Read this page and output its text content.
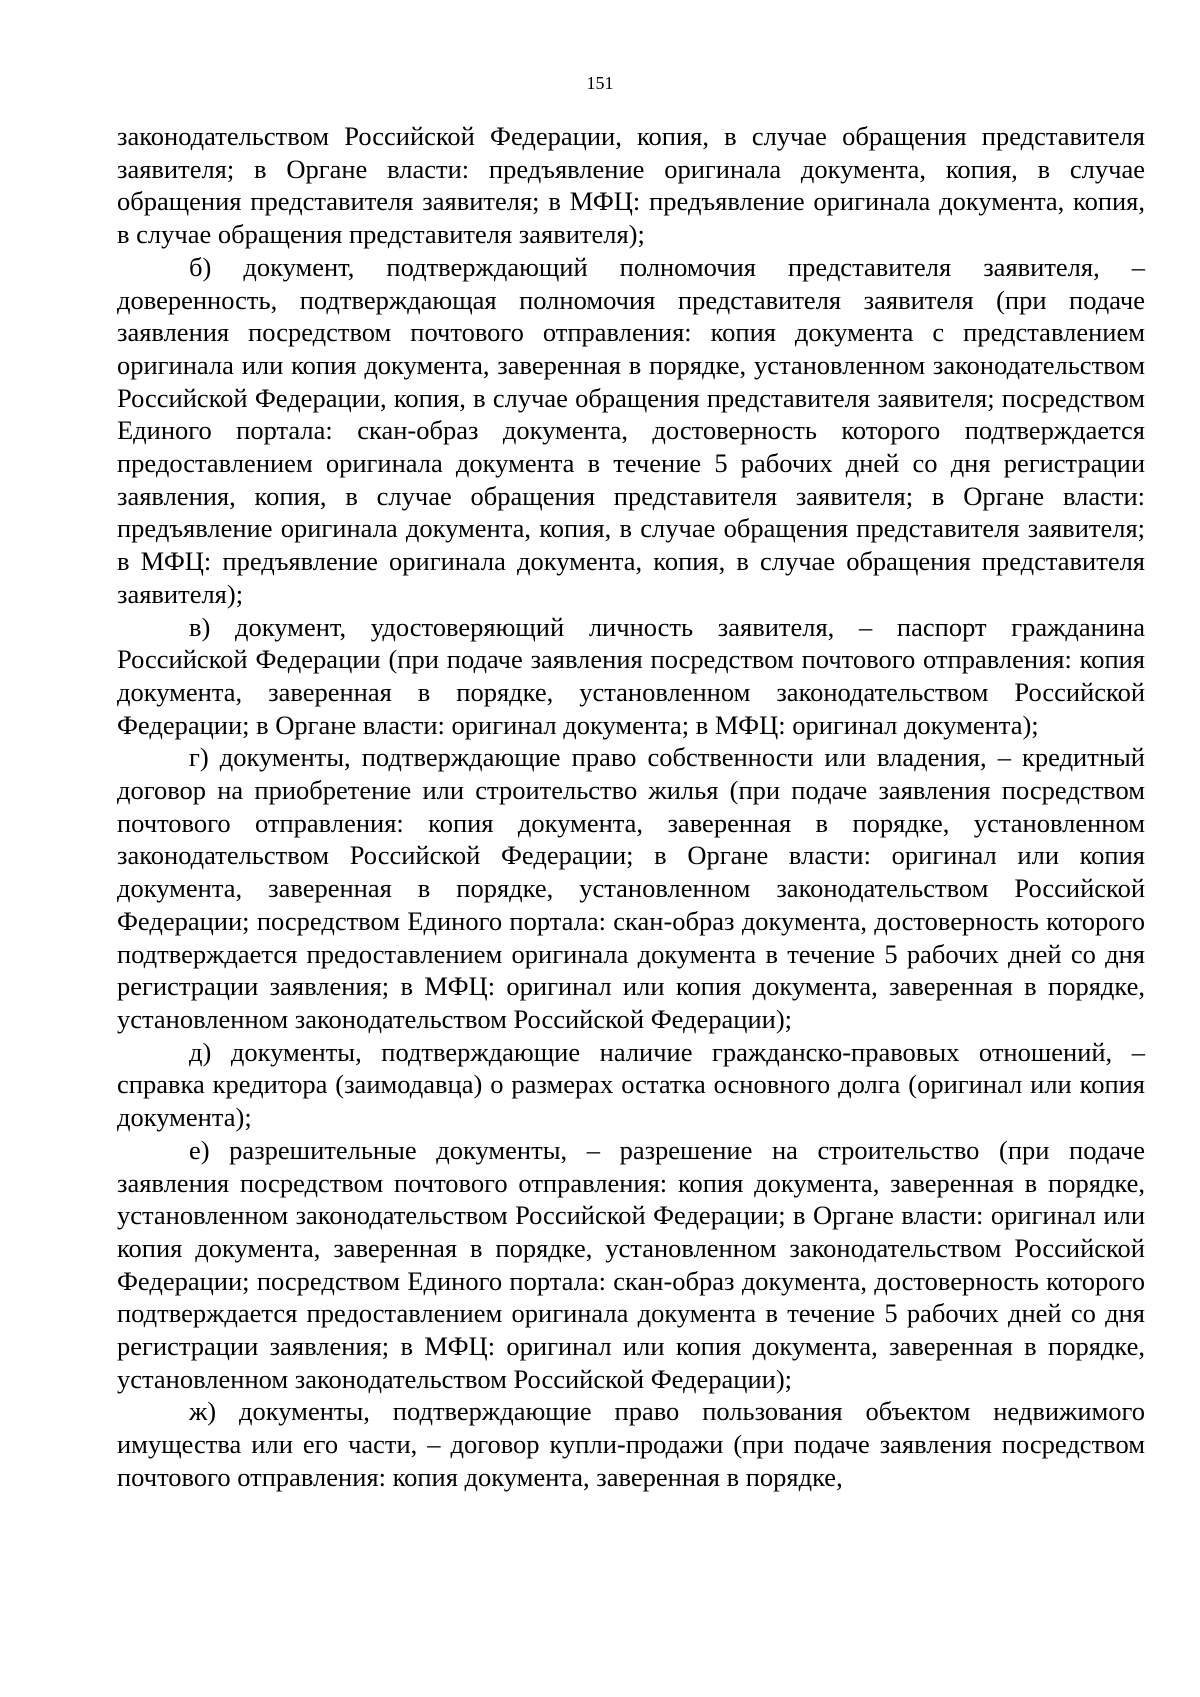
151

законодательством Российской Федерации, копия, в случае обращения представителя заявителя; в Органе власти: предъявление оригинала документа, копия, в случае обращения представителя заявителя; в МФЦ: предъявление оригинала документа, копия, в случае обращения представителя заявителя);

б) документ, подтверждающий полномочия представителя заявителя, – доверенность, подтверждающая полномочия представителя заявителя (при подаче заявления посредством почтового отправления: копия документа с представлением оригинала или копия документа, заверенная в порядке, установленном законодательством Российской Федерации, копия, в случае обращения представителя заявителя; посредством Единого портала: скан-образ документа, достоверность которого подтверждается предоставлением оригинала документа в течение 5 рабочих дней со дня регистрации заявления, копия, в случае обращения представителя заявителя; в Органе власти: предъявление оригинала документа, копия, в случае обращения представителя заявителя; в МФЦ: предъявление оригинала документа, копия, в случае обращения представителя заявителя);

в) документ, удостоверяющий личность заявителя, – паспорт гражданина Российской Федерации (при подаче заявления посредством почтового отправления: копия документа, заверенная в порядке, установленном законодательством Российской Федерации; в Органе власти: оригинал документа; в МФЦ: оригинал документа);

г) документы, подтверждающие право собственности или владения, – кредитный договор на приобретение или строительство жилья (при подаче заявления посредством почтового отправления: копия документа, заверенная в порядке, установленном законодательством Российской Федерации; в Органе власти: оригинал или копия документа, заверенная в порядке, установленном законодательством Российской Федерации; посредством Единого портала: скан-образ документа, достоверность которого подтверждается предоставлением оригинала документа в течение 5 рабочих дней со дня регистрации заявления; в МФЦ: оригинал или копия документа, заверенная в порядке, установленном законодательством Российской Федерации);

д) документы, подтверждающие наличие гражданско-правовых отношений, – справка кредитора (заимодавца) о размерах остатка основного долга (оригинал или копия документа);

е) разрешительные документы, – разрешение на строительство (при подаче заявления посредством почтового отправления: копия документа, заверенная в порядке, установленном законодательством Российской Федерации; в Органе власти: оригинал или копия документа, заверенная в порядке, установленном законодательством Российской Федерации; посредством Единого портала: скан-образ документа, достоверность которого подтверждается предоставлением оригинала документа в течение 5 рабочих дней со дня регистрации заявления; в МФЦ: оригинал или копия документа, заверенная в порядке, установленном законодательством Российской Федерации);

ж) документы, подтверждающие право пользования объектом недвижимого имущества или его части, – договор купли-продажи (при подаче заявления посредством почтового отправления: копия документа, заверенная в порядке,
